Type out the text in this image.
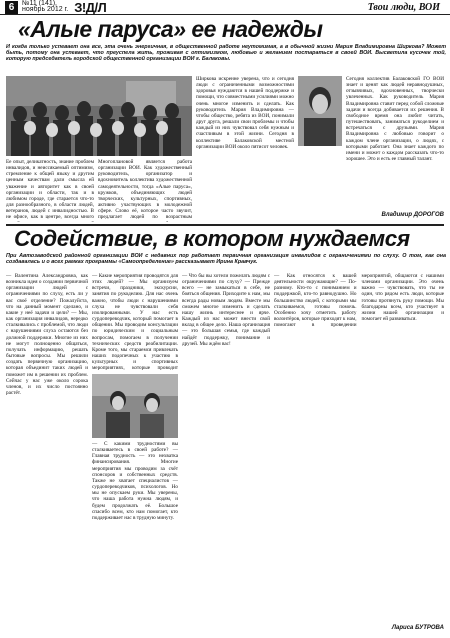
6	№11 (141),
ноябрь 2012 г. З!Д/Л	Твои люди, ВОИ
«Алые паруса» ее надежды
И когда только успевает она все, эта очень энергичная, в общественной работе неутомимая, а в обычной жизни Мария Владимировна Ширкова? Может быть, потому она успевает, что преуспела жить, проживая с оптимизмом, любовью и желанием постараться в своей ВОИ. Высветила кусочек той, которую председатель городской общественной организации ВОИ г. Балаковы.
Ее опыт, деликатность, знание проблем инвалидов, и неиссякаемый оптимизм, стремление к общей языку и другим ценным качествам дали смысла ей уважение и авторитет как в своей организации и области, так и в любимом городе, где старается что-то для разнообразного, в области людей, ветеранов, людей с инвалидностью. В не офисе, как в центре, всегда много
Многоплановой является работа организации ВОИ. Как художественный руководитель, организатор и вдохновитель коллектива художественной самодеятельности, тогда «Алые паруса», кружков, объединяющих людей творческих, культурных, спортивных, активно участвующих в молодежной сфере. Слово её, которое часто звучит, предлагает людей по возрастным
Ширкова искренне уверена, что и сегодня люди с ограниченными возможностями здоровья нуждаются в нашей поддержке и помощи, что совместными усилиями можно очень многое изменить и сделать. Как руководитель Мария Владимировна — чтобы общество, ребята из ВОИ, понимали друг друга, решали свои проблемы и чтобы каждый из них чувствовал себя нужным и счастливым в этой жизни. Сегодня в коллективе Балаковской местной организации ВОИ около пятисот человек.
Сегодня коллектив Балаковской ГО ВОИ знает и ценят как людей неравнодушных, отзывчивых, вдохновенных, творчески увлеченных. Как руководитель Мария Владимировна ставит перед собой сложные задачи и всегда добивается их решения. В свободное время она любит читать, путешествовать, заниматься рукоделием и встречаться с друзьями. Мария Владимировна с любовью говорит о каждом члене организации, о людях, с которыми работает. Она знает каждого по имени и может о каждом рассказать что-то хорошее. Это и есть ее главный талант.
Владимир ДОРОГОВ
Содействие, в котором нуждаемся
При Автозаводской районной организации ВОИ с недавних пор работает первичная организация инвалидов с ограничениями по слуху. О том, как она создавалась и о всех рамках программы «Самоопределение» рассказывает Ирина Кравчук.
— Валентина Александровна, как возникла идея о создании первичной организации людей с ограничениями по слуху, есть ли у вас своё отделение? Пожалуйста, что на данный момент сделано, и какие у неё задачи и цели? — Мы, как организация инвалидов, нередко сталкивались с проблемой, что люди с нарушениями слуха остаются без должной поддержки. Многие из них не могут полноценно общаться, получать информацию, решать бытовые вопросы. Мы решили создать первичную организацию, которая объединит таких людей и поможет им в решении их проблем. Сейчас у нас уже около сорока членов, и их число постоянно растёт.
— Какие мероприятия проводятся для этих людей? — Мы организуем встречи, праздники, экскурсии, занятия по рукоделию. Для нас очень важно, чтобы люди с нарушениями слуха не чувствовали себя изолированными. У нас есть сурдопереводчик, который помогает в общении. Мы проводим консультации по юридическим и социальным вопросам, помогаем в получении технических средств реабилитации. Кроме того, мы стараемся привлекать наших подопечных к участию в культурных и спортивных мероприятиях, которые проводит
— С какими трудностями вы сталкиваетесь в своей работе? — Главная трудность — это нехватка финансирования. Многие мероприятия мы проводим за счёт спонсоров и собственных средств. Также не хватает специалистов — сурдопереводчиков, психологов. Но мы не опускаем руки. Мы уверены, что наша работа нужна людям, и будем продолжать её. Большое спасибо всем, кто нам помогает, кто поддерживает нас в трудную минуту.
— Что бы вы хотели пожелать людям с ограничениями по слуху? — Прежде всего — не замыкаться в себе, не бояться общения. Приходите к нам, мы всегда рады новым людям. Вместе мы сможем многое изменить и сделать нашу жизнь интереснее и ярче. Каждый из нас может внести свой вклад в общее дело. Наша организация — это большая семья, где каждый найдёт поддержку, понимание и друзей. Мы ждём вас!
— Как относятся к вашей деятельности окружающие? — По-разному. Кто-то с пониманием и поддержкой, кто-то равнодушно. Но большинство людей, с которыми мы сталкиваемся, готовы помочь. Особенно хочу отметить работу волонтёров, которые приходят к нам, помогают в проведении мероприятий, общаются с нашими членами организации. Это очень важно — чувствовать, что ты не один, что рядом есть люди, которые готовы протянуть руку помощи. Мы благодарны всем, кто участвует в жизни нашей организации и помогает ей развиваться.
Лариса БУТРОВА
